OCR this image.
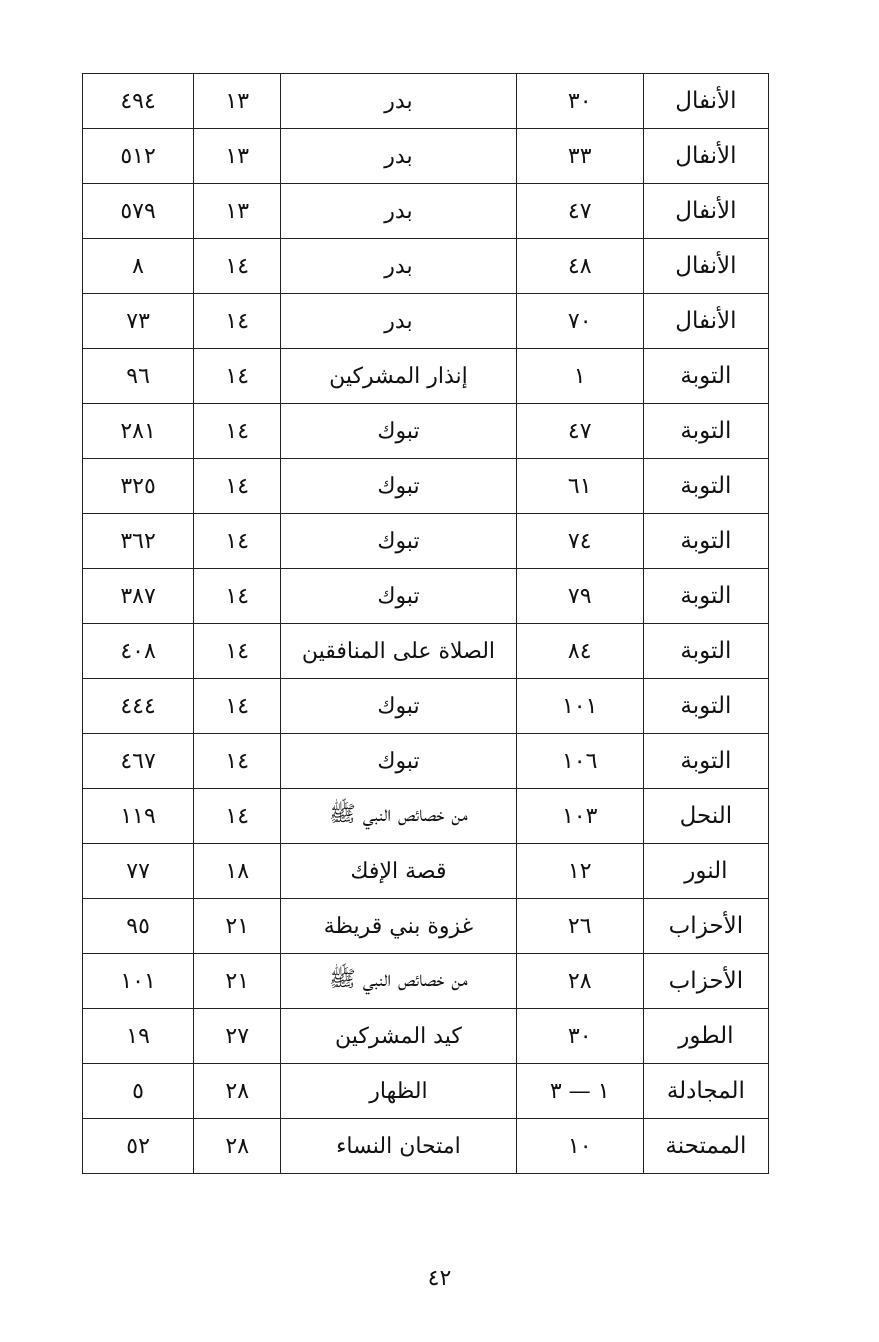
٤٩٤	١٣	بدر	٣٠	الأنفال
٥١٢	١٣	بدر	٣٣	الأنفال
٥٧٩	١٣	بدر	٤٧	الأنفال
٨	١٤	بدر	٤٨	الأنفال
٧٣	١٤	بدر	٧٠	الأنفال
٩٦	١٤	إنذار المشركين	١	التوبة
٢٨١	١٤	تبوك	٤٧	التوبة
٣٢٥	١٤	تبوك	٦١	التوبة
٣٦٢	١٤	تبوك	٧٤	التوبة
٣٨٧	١٤	تبوك	٧٩	التوبة
٤٠٨	١٤	الصلاة على المنافقين	٨٤	التوبة
٤٤٤	١٤	تبوك	١٠١	التوبة
٤٦٧	١٤	تبوك	١٠٦	التوبة
١١٩	١٤	من خصائص النبي ﷺ	١٠٣	النحل
٧٧	١٨	قصة الإفك	١٢	النور
٩٥	٢١	غزوة بني قريظة	٢٦	الأحزاب
١٠١	٢١	من خصائص النبي ﷺ	٢٨	الأحزاب
١٩	٢٧	كيد المشركين	٣٠	الطور
٥	٢٨	الظهار	١ — ٣	المجادلة
٥٢	٢٨	امتحان النساء	١٠	الممتحنة
٤٢
